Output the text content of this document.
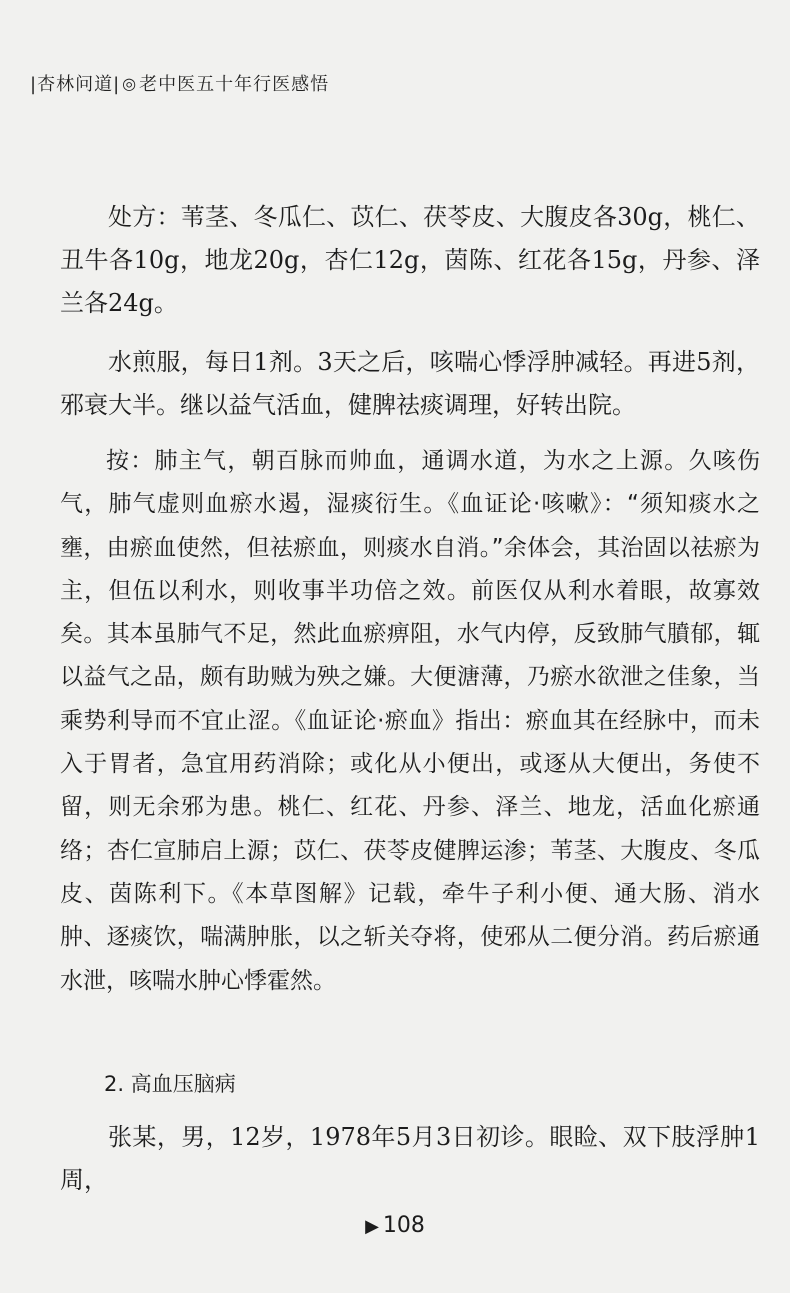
|杏林问道| ◎ 老中医五十年行医感悟

处方：苇茎、冬瓜仁、苡仁、茯苓皮、大腹皮各30g，桃仁、丑牛各10g，地龙20g，杏仁12g，茵陈、红花各15g，丹参、泽兰各24g。

水煎服，每日1剂。3天之后，咳喘心悸浮肿减轻。再进5剂，邪衰大半。继以益气活血，健脾祛痰调理，好转出院。

按：肺主气，朝百脉而帅血，通调水道，为水之上源。久咳伤气，肺气虚则血瘀水遏，湿痰衍生。《血证论·咳嗽》：“须知痰水之壅，由瘀血使然，但祛瘀血，则痰水自消。”余体会，其治固以祛瘀为主，但伍以利水，则收事半功倍之效。前医仅从利水着眼，故寡效矣。其本虽肺气不足，然此血瘀痹阻，水气内停，反致肺气膹郁，辄以益气之品，颇有助贼为殃之嫌。大便溏薄，乃瘀水欲泄之佳象，当乘势利导而不宜止涩。《血证论·瘀血》指出：瘀血其在经脉中，而未入于胃者，急宜用药消除；或化从小便出，或逐从大便出，务使不留，则无余邪为患。桃仁、红花、丹参、泽兰、地龙，活血化瘀通络；杏仁宣肺启上源；苡仁、茯苓皮健脾运渗；苇茎、大腹皮、冬瓜皮、茵陈利下。《本草图解》记载，牵牛子利小便、通大肠、消水肿、逐痰饮，喘满肿胀，以之斩关夺将，使邪从二便分消。药后瘀通水泄，咳喘水肿心悸霍然。

2. 高血压脑病

张某，男，12岁，1978年5月3日初诊。眼睑、双下肢浮肿1周，

▶ 108
